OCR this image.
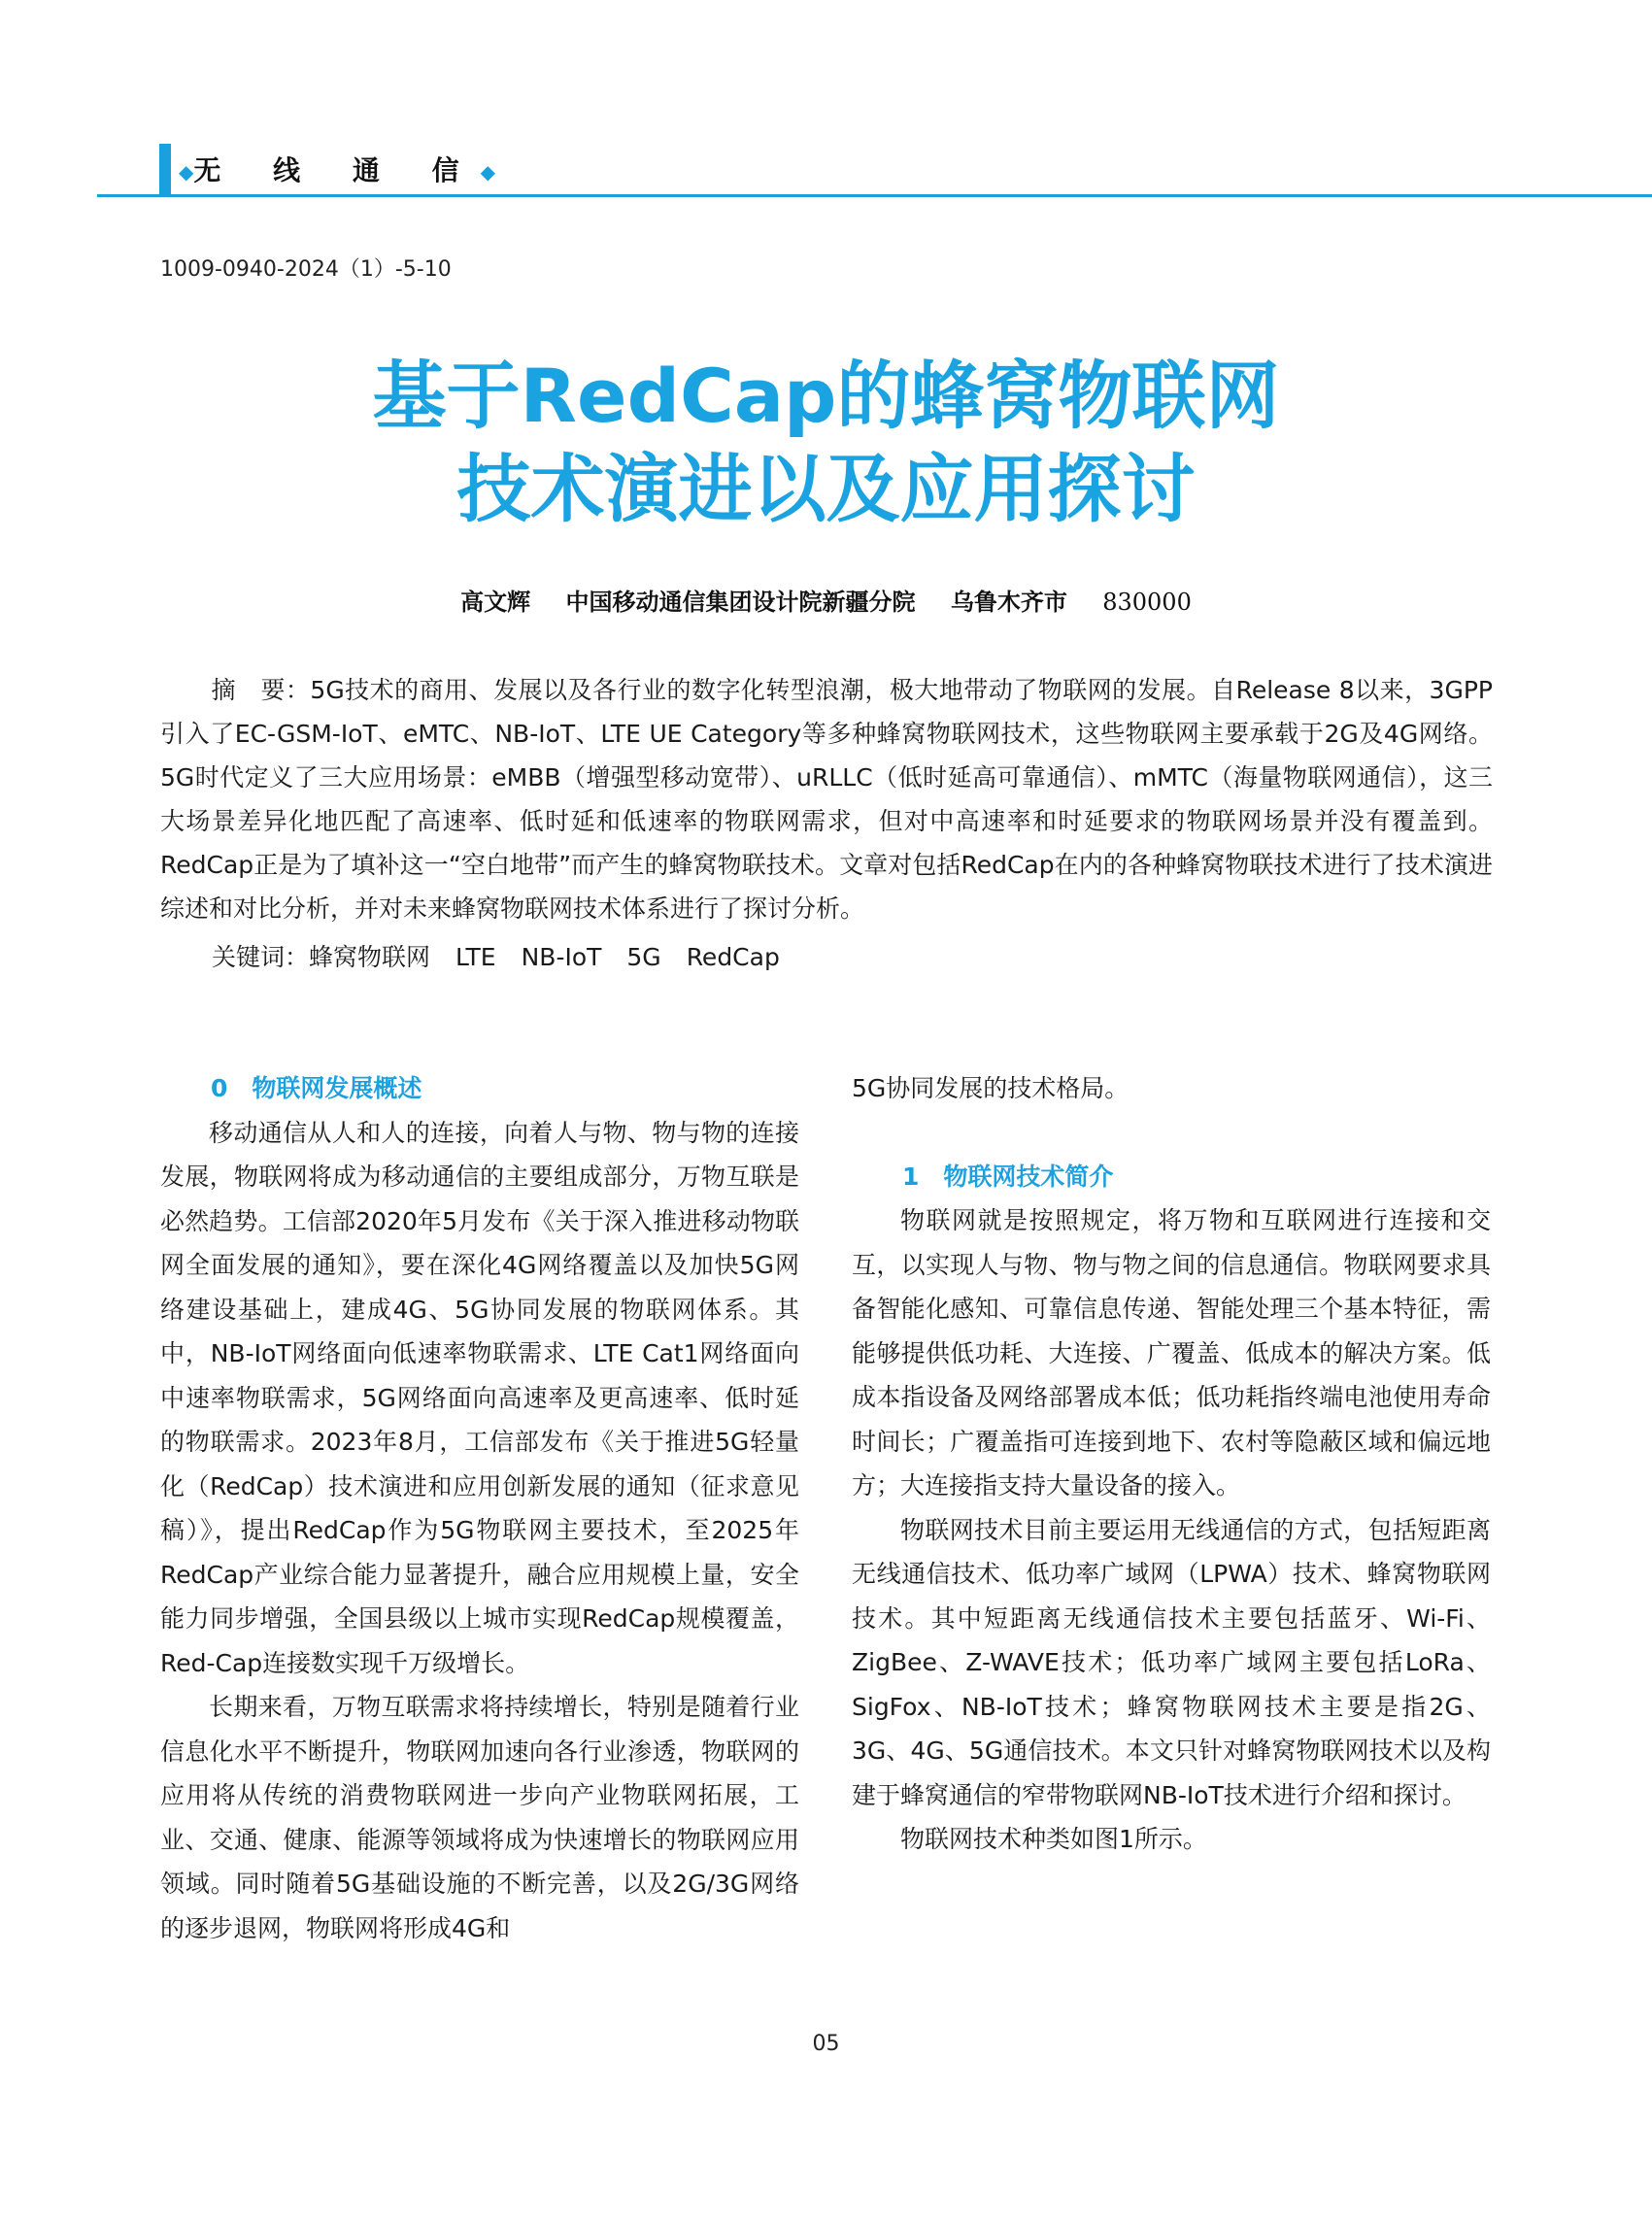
◆无 线 通 信◆
1009-0940-2024（1）-5-10
基于RedCap的蜂窝物联网
技术演进以及应用探讨
高文辉 中国移动通信集团设计院新疆分院 乌鲁木齐市 830000
摘　要：5G技术的商用、发展以及各行业的数字化转型浪潮，极大地带动了物联网的发展。自Release 8以来，3GPP引入了EC-GSM-IoT、eMTC、NB-IoT、LTE UE Category等多种蜂窝物联网技术，这些物联网主要承载于2G及4G网络。5G时代定义了三大应用场景：eMBB（增强型移动宽带）、uRLLC（低时延高可靠通信）、mMTC（海量物联网通信），这三大场景差异化地匹配了高速率、低时延和低速率的物联网需求，但对中高速率和时延要求的物联网场景并没有覆盖到。RedCap正是为了填补这一“空白地带”而产生的蜂窝物联技术。文章对包括RedCap在内的各种蜂窝物联技术进行了技术演进综述和对比分析，并对未来蜂窝物联网技术体系进行了探讨分析。
关键词：蜂窝物联网 LTE NB-IoT 5G RedCap
0　物联网发展概述

移动通信从人和人的连接，向着人与物、物与物的连接发展，物联网将成为移动通信的主要组成部分，万物互联是必然趋势。工信部2020年5月发布《关于深入推进移动物联网全面发展的通知》，要在深化4G网络覆盖以及加快5G网络建设基础上，建成4G、5G协同发展的物联网体系。其中，NB-IoT网络面向低速率物联需求、LTE Cat1网络面向中速率物联需求，5G网络面向高速率及更高速率、低时延的物联需求。2023年8月，工信部发布《关于推进5G轻量化（RedCap）技术演进和应用创新发展的通知（征求意见稿）》，提出RedCap作为5G物联网主要技术，至2025年RedCap产业综合能力显著提升，融合应用规模上量，安全能力同步增强，全国县级以上城市实现RedCap规模覆盖，Red-Cap连接数实现千万级增长。

长期来看，万物互联需求将持续增长，特别是随着行业信息化水平不断提升，物联网加速向各行业渗透，物联网的应用将从传统的消费物联网进一步向产业物联网拓展，工业、交通、健康、能源等领域将成为快速增长的物联网应用领域。同时随着5G基础设施的不断完善，以及2G/3G网络的逐步退网，物联网将形成4G和

5G协同发展的技术格局。

1　物联网技术简介

物联网就是按照规定，将万物和互联网进行连接和交互，以实现人与物、物与物之间的信息通信。物联网要求具备智能化感知、可靠信息传递、智能处理三个基本特征，需能够提供低功耗、大连接、广覆盖、低成本的解决方案。低成本指设备及网络部署成本低；低功耗指终端电池使用寿命时间长；广覆盖指可连接到地下、农村等隐蔽区域和偏远地方；大连接指支持大量设备的接入。

物联网技术目前主要运用无线通信的方式，包括短距离无线通信技术、低功率广域网（LPWA）技术、蜂窝物联网技术。其中短距离无线通信技术主要包括蓝牙、Wi-Fi、ZigBee、Z-WAVE技术；低功率广域网主要包括LoRa、SigFox、NB-IoT技术；蜂窝物联网技术主要是指2G、3G、4G、5G通信技术。本文只针对蜂窝物联网技术以及构建于蜂窝通信的窄带物联网NB-IoT技术进行介绍和探讨。

物联网技术种类如图1所示。

05
